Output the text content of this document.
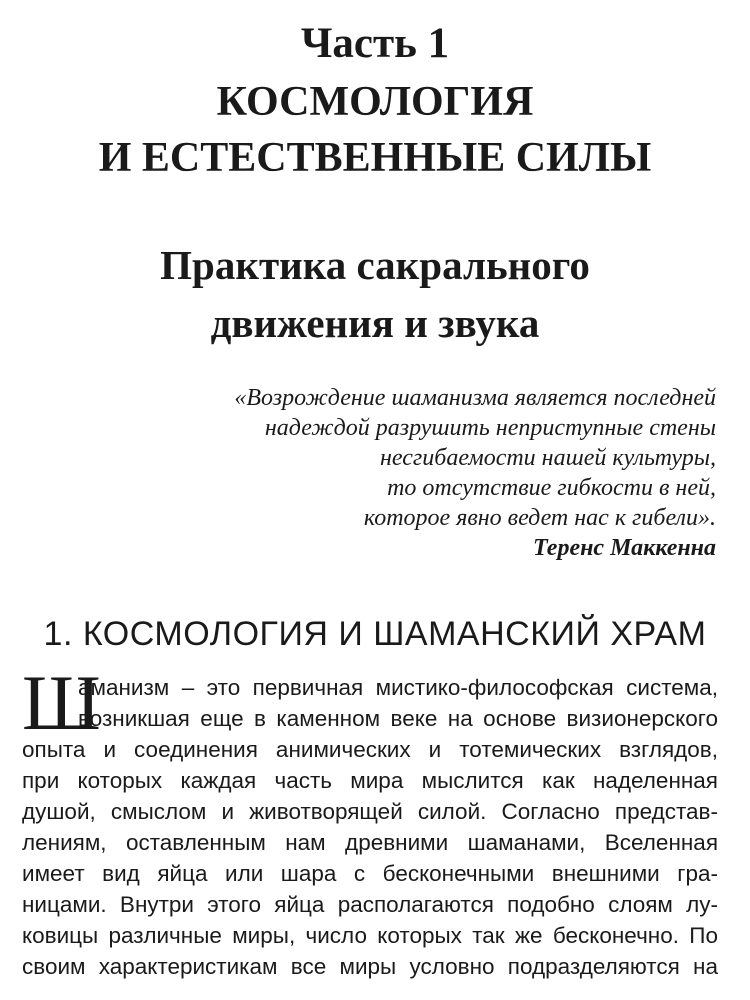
Часть 1
КОСМОЛОГИЯ
И ЕСТЕСТВЕННЫЕ СИЛЫ
Практика сакрального
движения и звука
«Возрождение шаманизма является последней
надеждой разрушить неприступные стены
несгибаемости нашей культуры,
то отсутствие гибкости в ней,
которое явно ведет нас к гибели».
Теренс Маккенна
1. КОСМОЛОГИЯ И ШАМАНСКИЙ ХРАМ
Ш
аманизм – это первичная мистико-философская система,
возникшая еще в каменном веке на основе визионерского
опыта и соединения анимических и тотемических взглядов,
при которых каждая часть мира мыслится как наделенная
душой, смыслом и животворящей силой. Согласно представ-
лениям, оставленным нам древними шаманами, Вселенная
имеет вид яйца или шара с бесконечными внешними гра-
ницами. Внутри этого яйца располагаются подобно слоям лу-
ковицы различные миры, число которых так же бесконечно. По
своим характеристикам все миры условно подразделяются на
